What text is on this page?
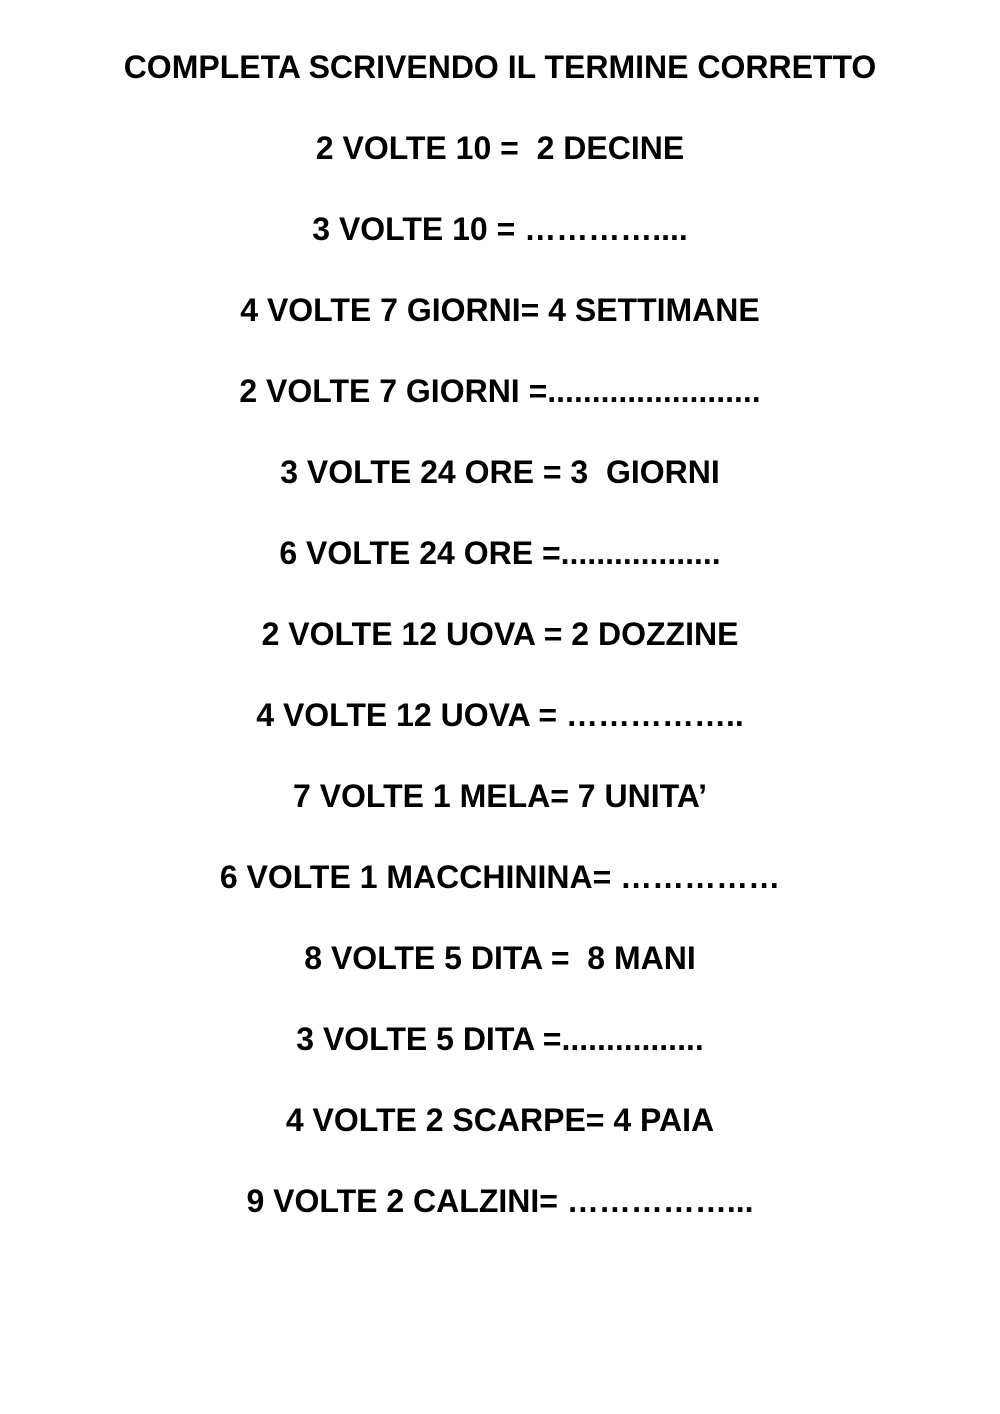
COMPLETA SCRIVENDO IL TERMINE CORRETTO
2 VOLTE 10 =  2 DECINE
3 VOLTE 10 = …………....
4 VOLTE 7 GIORNI= 4 SETTIMANE
2 VOLTE 7 GIORNI =........................
3 VOLTE 24 ORE = 3  GIORNI
6 VOLTE 24 ORE =..................
2 VOLTE 12 UOVA = 2 DOZZINE
4 VOLTE 12 UOVA = ……………..
7 VOLTE 1 MELA= 7 UNITA’
6 VOLTE 1 MACCHININA= ……………
8 VOLTE 5 DITA =  8 MANI
3 VOLTE 5 DITA =................
4 VOLTE 2 SCARPE= 4 PAIA
9 VOLTE 2 CALZINI= ……………...
